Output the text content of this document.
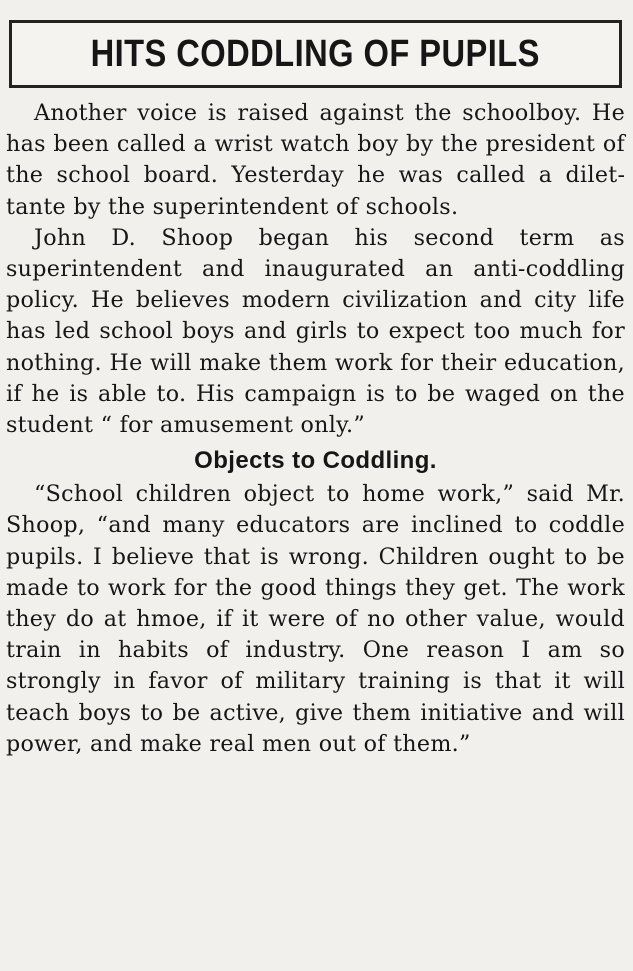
HITS CODDLING OF PUPILS

Another voice is raised against the schoolboy. He has been called a wrist watch boy by the president of the school board. Yesterday he was called a dilettante by the superintendent of schools.

John D. Shoop began his second term as superintendent and inaugurated an anti-coddling policy. He believes modern civilization and city life has led school boys and girls to expect too much for nothing. He will make them work for their education, if he is able to. His campaign is to be waged on the student “ for amusement only.”

Objects to Coddling.

“School children object to home work,” said Mr. Shoop, “and many educators are inclined to coddle pupils. I believe that is wrong. Children ought to be made to work for the good things they get. The work they do at hmoe, if it were of no other value, would train in habits of industry. One reason I am so strongly in favor of military training is that it will teach boys to be active, give them initiative and will power, and make real men out of them.”
